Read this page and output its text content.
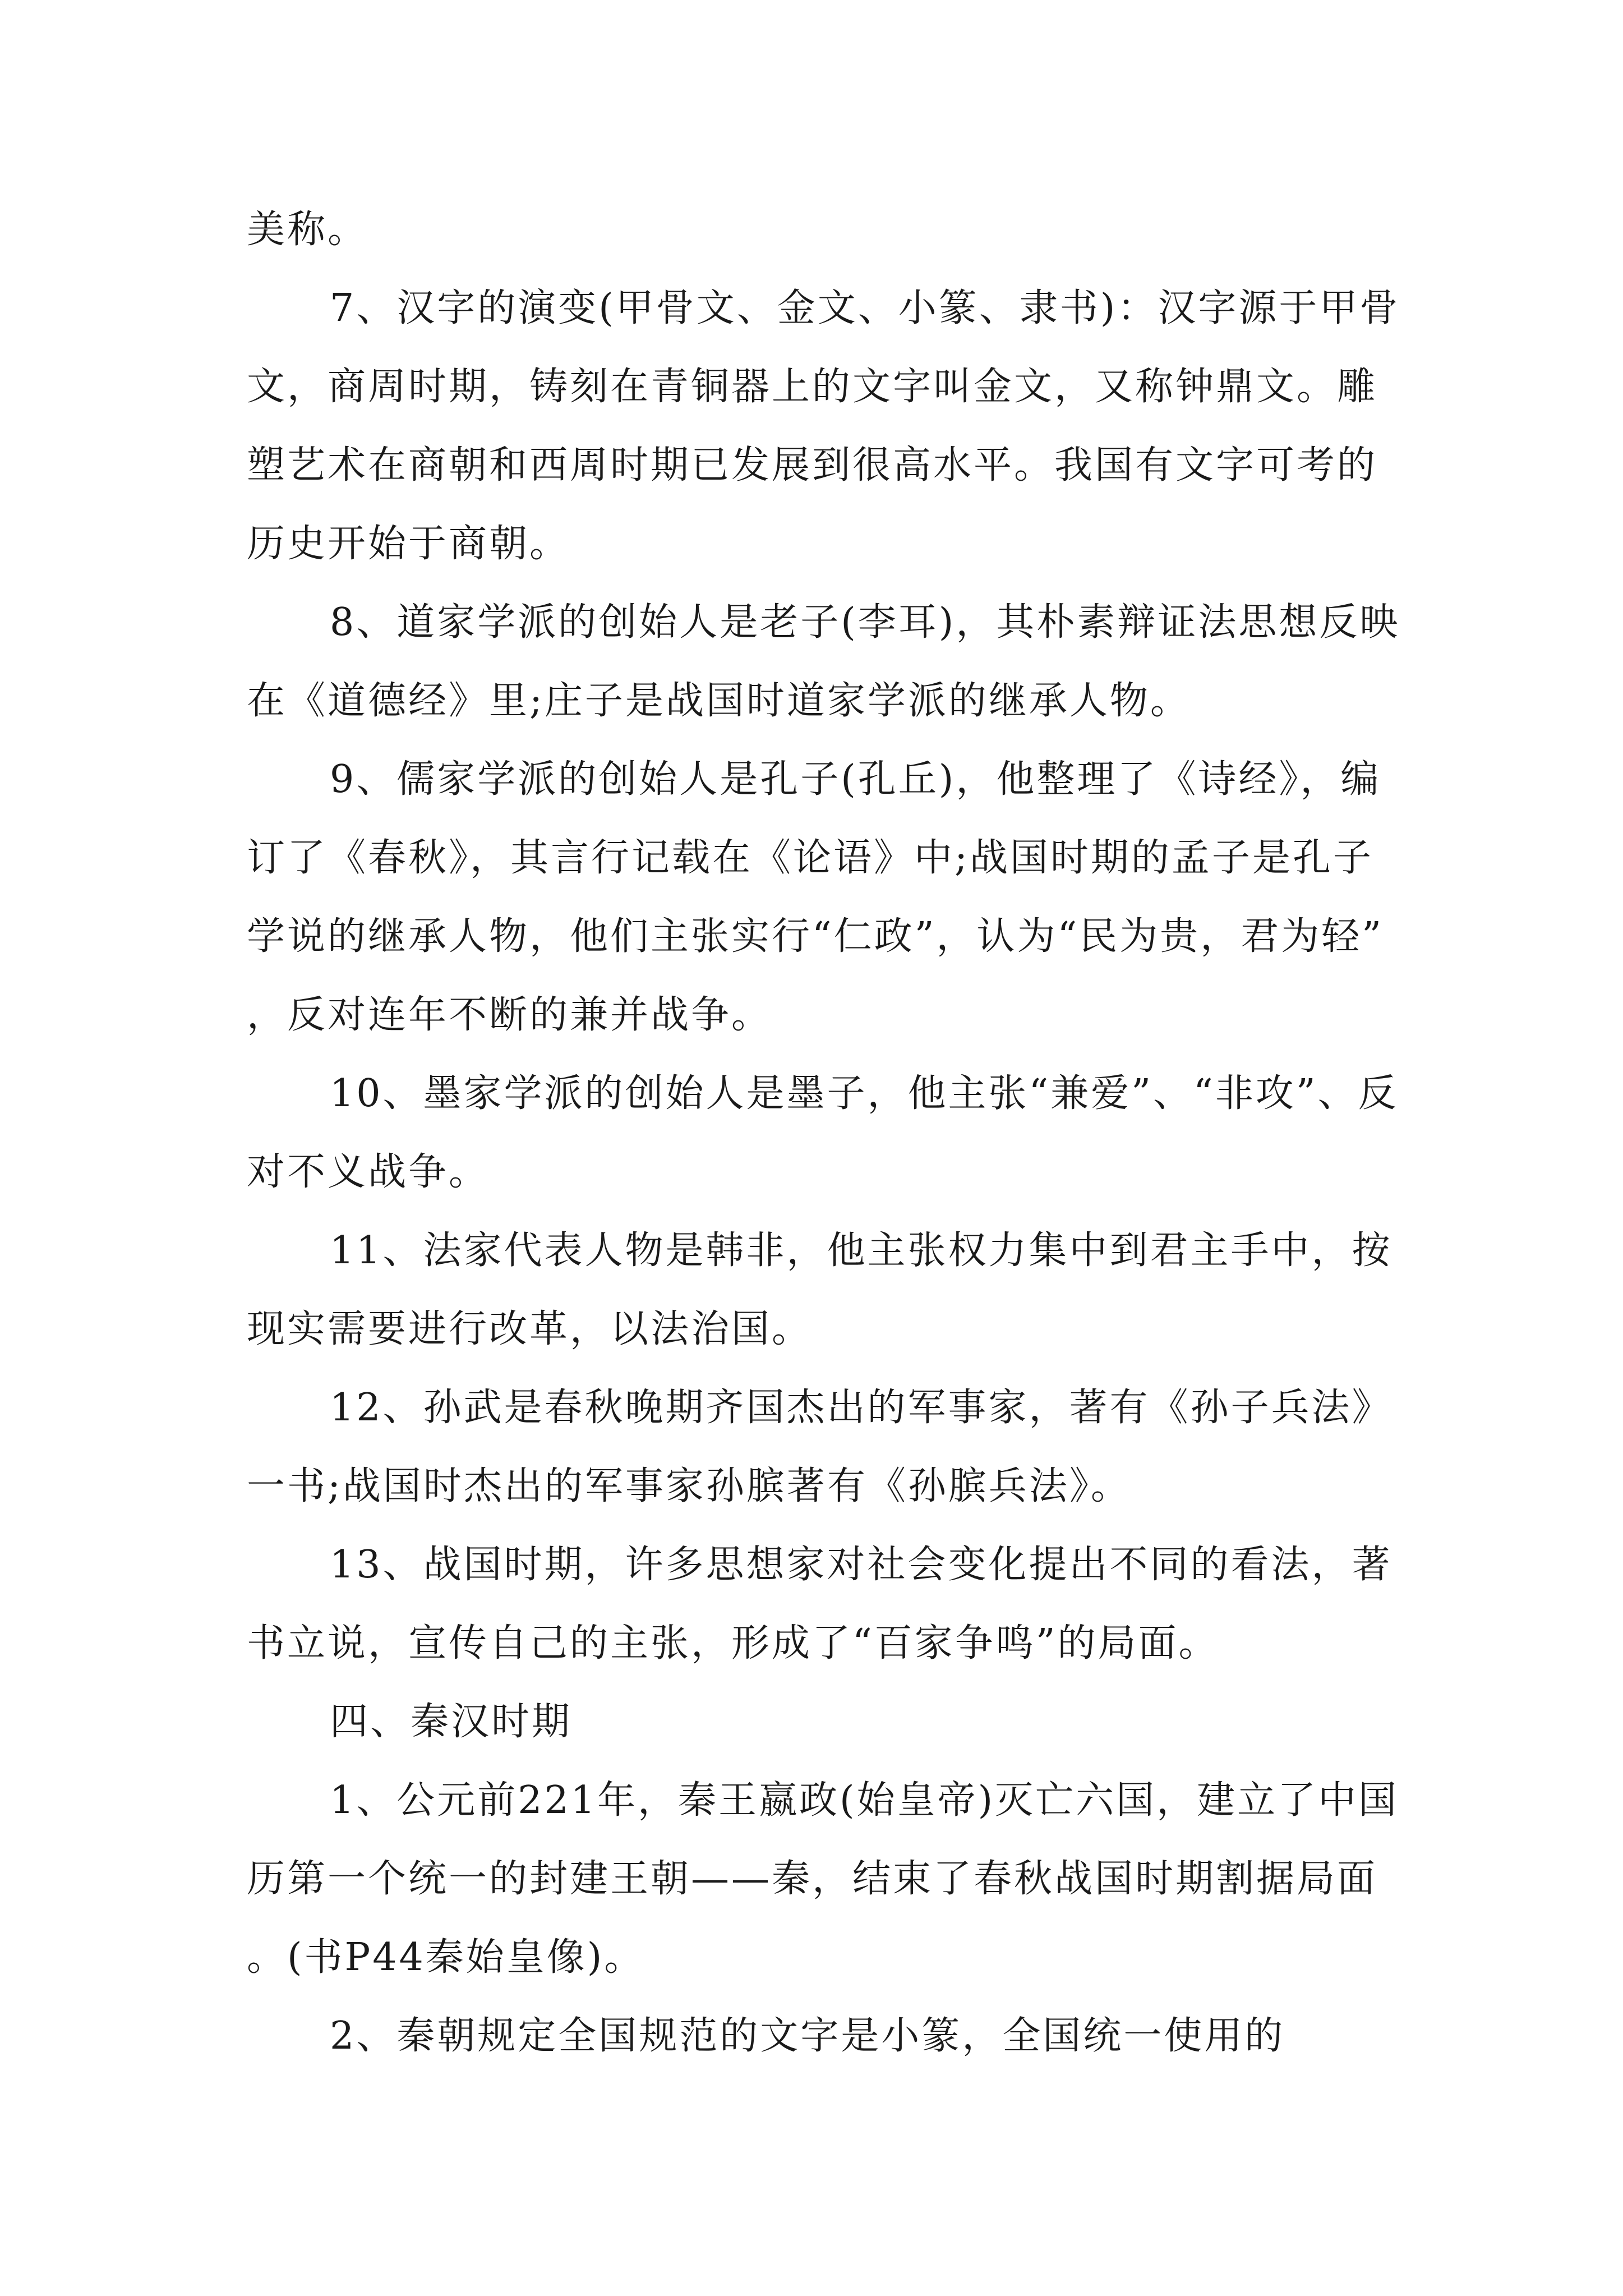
美称。

7、汉字的演变(甲骨文、金文、小篆、隶书)：汉字源于甲骨文，商周时期，铸刻在青铜器上的文字叫金文，又称钟鼎文。雕塑艺术在商朝和西周时期已发展到很高水平。我国有文字可考的历史开始于商朝。

8、道家学派的创始人是老子(李耳)，其朴素辩证法思想反映在《道德经》里;庄子是战国时道家学派的继承人物。

9、儒家学派的创始人是孔子(孔丘)，他整理了《诗经》，编订了《春秋》，其言行记载在《论语》中;战国时期的孟子是孔子学说的继承人物，他们主张实行“仁政”，认为“民为贵，君为轻”，反对连年不断的兼并战争。

10、墨家学派的创始人是墨子，他主张“兼爱”、“非攻”、反对不义战争。

11、法家代表人物是韩非，他主张权力集中到君主手中，按现实需要进行改革，以法治国。

12、孙武是春秋晚期齐国杰出的军事家，著有《孙子兵法》一书;战国时杰出的军事家孙膑著有《孙膑兵法》。

13、战国时期，许多思想家对社会变化提出不同的看法，著书立说，宣传自己的主张，形成了“百家争鸣”的局面。

四、秦汉时期

1、公元前221年，秦王嬴政(始皇帝)灭亡六国，建立了中国历第一个统一的封建王朝——秦，结束了春秋战国时期割据局面。(书P44秦始皇像)。

2、秦朝规定全国规范的文字是小篆，全国统一使用的
